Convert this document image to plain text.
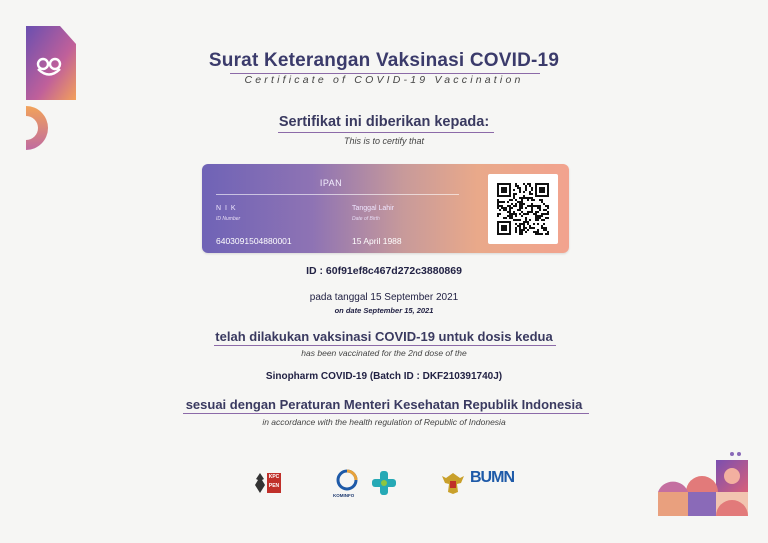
Surat Keterangan Vaksinasi COVID-19
Certificate of COVID-19 Vaccination
Sertifikat ini diberikan kepada:
This is to certify that
IPAN
N I K
ID Number
6403091504880001
Tanggal Lahir
Date of Birth
15 April 1988
ID : 60f91ef8c467d272c3880869
pada tanggal 15 September 2021
on date September 15, 2021
telah dilakukan vaksinasi COVID-19 untuk dosis kedua
has been vaccinated for the 2nd dose of the
Sinopharm COVID-19 (Batch ID : DKF210391740J)
sesuai dengan Peraturan Menteri Kesehatan Republik Indonesia
in accordance with the health regulation of Republic of Indonesia
KPC PEN
KOMINFO
BUMN
